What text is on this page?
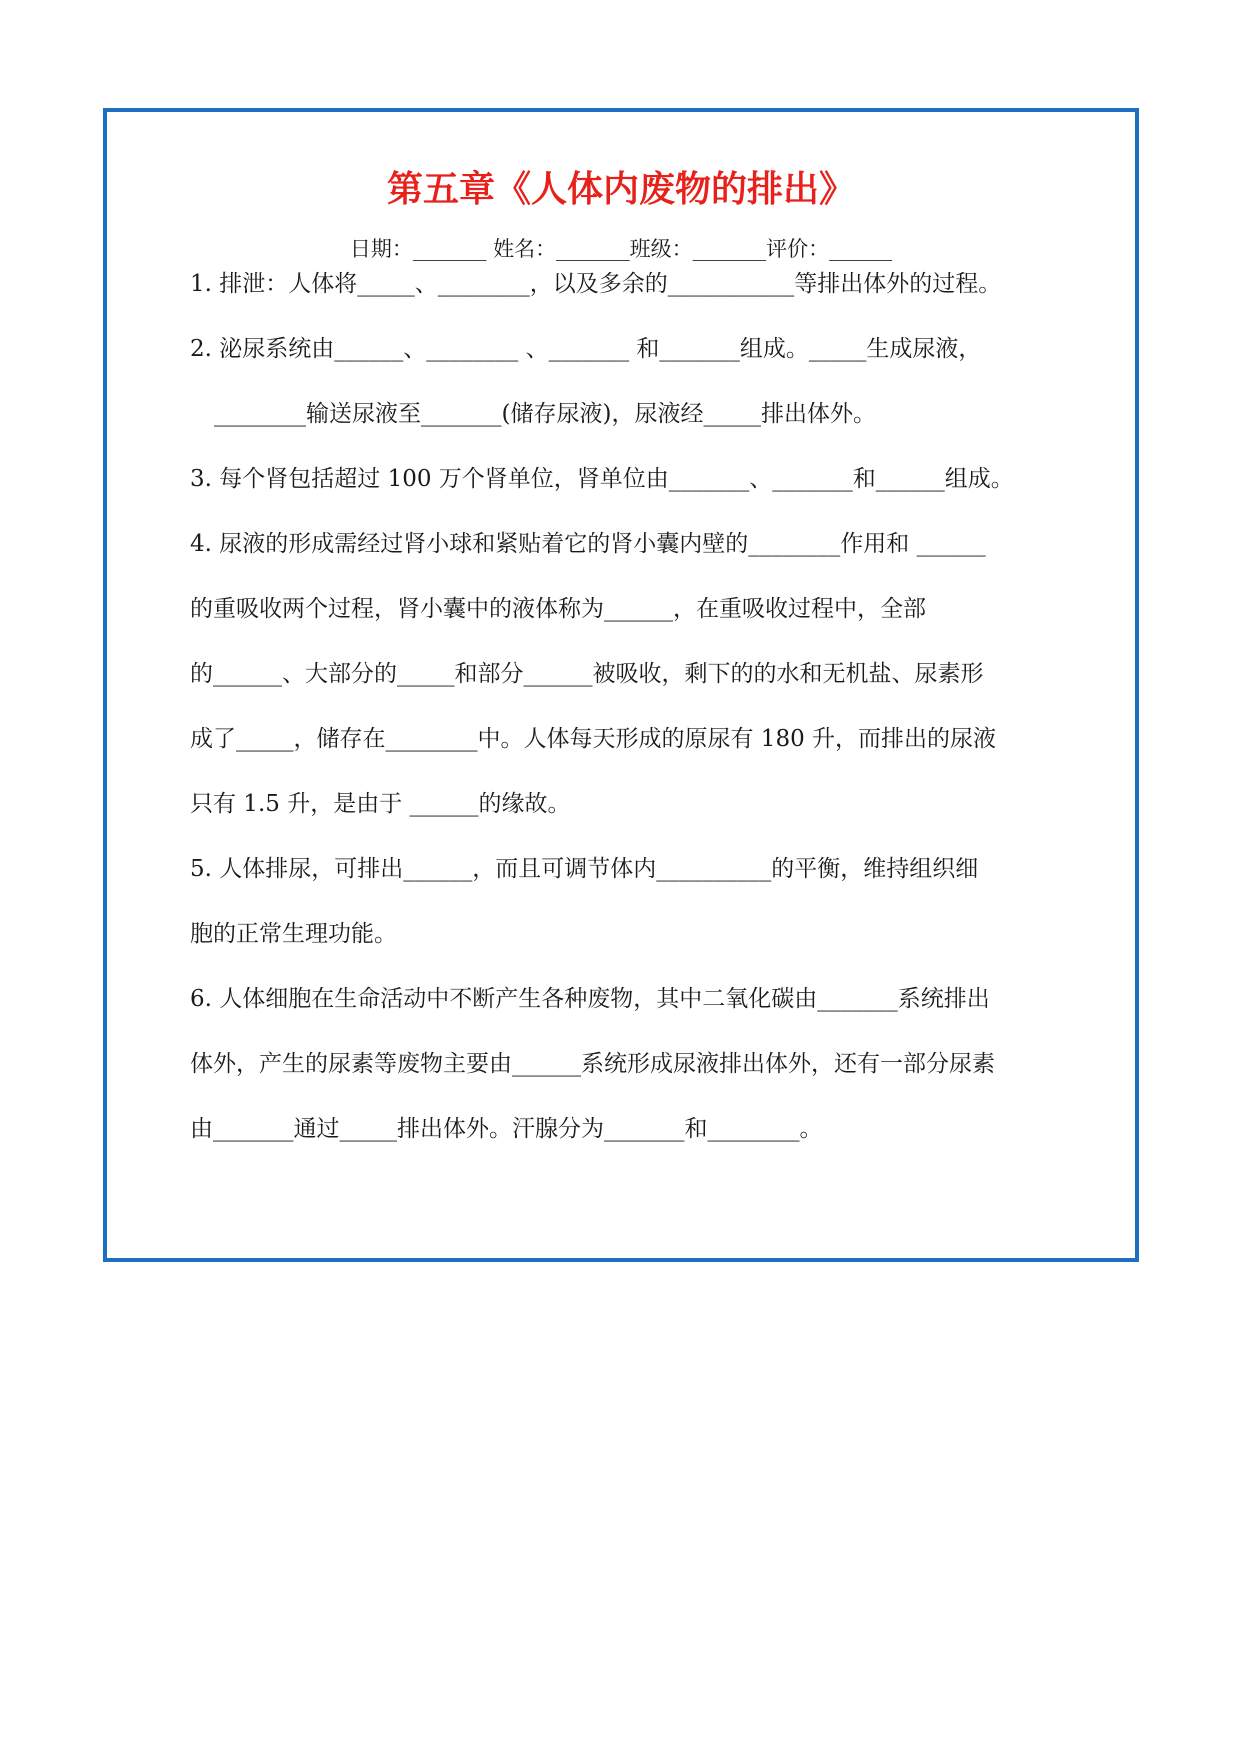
第五章《人体内废物的排出》
日期：_______ 姓名：_______班级：_______评价：______
1. 排泄：人体将_____、________，以及多余的___________等排出体外的过程。
2. 泌尿系统由______、________ 、_______ 和_______组成。_____生成尿液，
________输送尿液至_______(储存尿液)，尿液经_____排出体外。
3. 每个肾包括超过 100 万个肾单位，肾单位由_______、_______和______组成。
4. 尿液的形成需经过肾小球和紧贴着它的肾小囊内壁的________作用和 ______
的重吸收两个过程，肾小囊中的液体称为______，在重吸收过程中，全部
的______、大部分的_____和部分______被吸收，剩下的的水和无机盐、尿素形
成了_____，储存在________中。人体每天形成的原尿有 180 升，而排出的尿液
只有 1.5 升，是由于 ______的缘故。
5. 人体排尿，可排出______，而且可调节体内__________的平衡，维持组织细
胞的正常生理功能。
6. 人体细胞在生命活动中不断产生各种废物，其中二氧化碳由_______系统排出
体外，产生的尿素等废物主要由______系统形成尿液排出体外，还有一部分尿素
由_______通过_____排出体外。汗腺分为_______和________。
